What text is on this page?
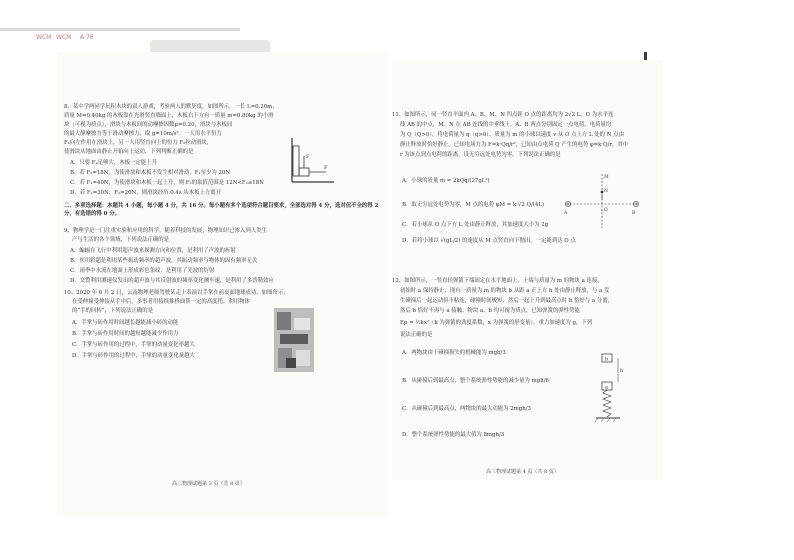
WCM WCM A·76
8、某中学两同学玩积木块的双人游戏，考验两人的默契度。如图所示，一长 L=0.20m、
质量 M=0.40kg 的木板靠在光滑竖直墙面上，木板右下方有一质量 m=0.80kg 的小滑
块（可视为质点），滑块与木板间的动摩擦因数μ=0.20，滑块与木板间
的最大静摩擦力等于滑动摩擦力，取 g=10m/s²。一人用水平恒力
F₁向左作用在滑块上，另一人用竖直向上的恒力 F₂拉动滑块，
使滑块从地面由静止开始向上运动，下列判断正确的是
A．只要 F₂足够大，木板一定能上升
B．若 F₂=18N，为使滑块和木板不发生相对滑动，F₁至少为 20N
C．若 F₁=40N，为使滑块和木板一起上升，则 F₂的取值范围是 12N<F₂≤18N
D．若 F₁=30N，F₂=20N，则滑块经历 0.4s 从木板上方离开
F
F
二、多项选择题：本题共 4 小题，每小题 4 分，共 16 分。每小题有多个选项符合题目要求，全部选对得 4 分，选对但不全的得 2 分，有选错的得 0 分。
9、物理学是一门注重实验和应用的科学，随着科技的发展，物理知识已渗入到人类生
产与生活的各个领域，下列说法正确的是
A．蝙蝠在飞行中利用超声波来探测方向和位置，是利用了声波的折射
B．医用彩超是利用某些振动频率的超声波，其振动频率与物体的固有频率无关
C．雨季中水流在地面上形成彩色条纹，是利用了光波的衍射
D．交警利用测速仪发出的超声波与其反射波的频率变化测车速，是利用了多普勒效应
10、2020 年 6 月 2 日，云南物理老师驾驶某走上表演以手掌在前桌面地球成功。如图所示，
在受伸撞受伸接从手中后，多事者用接续推桥面帮一定的高度托，利用物体
的“手的回转”，下列说法正确的是
A．手掌与砖作用时间越长越能减小砖的动能
B．手掌与砖作用时间的越短越能减少作用力
C．手掌与砖作用的过程中，手掌的动量变化率越大
D．手掌与砖作用的过程中，手掌的动量变化量越大
高三物理试题第 3 页（共 8 页）
11、如图所示，同一竖直平面内 A、B、M、N 四点距 O 点的距离均为 2√2 L，O 为水平连
线 AB 的中点，M、N 在 AB 连线的中垂线上。A、B 两点分别固定一点电荷，电荷量均
为 Q（Q>0），将电荷量为 q（q>0）、质量为 m 的小球以速度 v 从 O 点上方 L 处的 N 点由
静止释放时恰好静止。已知电场力为 F=k·Qq/r²，已知由点电荷 Q 产生的电势 φ=k·Q/r，其中
r 为该点到点电荷的距离，设无穷远处电势为零，下列说法正确的是
A．小球的质量 m = 2kQq/(27gL²)
B．取无穷远处电势为零，M 点的电势 φM = k·√2 Q/(4L)
C．若小球从 O 点下方 L 处由静止释放，其加速度大小为 2g
D．若将小球以 √(gL/2) 的速度从 M 点竖直向下抛出，一定能到达 O 点
M
N
A
O
B
12、如图所示，一竖直轻弹簧下端固定在水平地面上，上端与质量为 m 的物块 a 连接，
初始时 a 保持静止；现有一质量为 m 的物块 b 从距 a 正上方 h 处由静止释放，与 a 发
生碰撞后一起运动但不粘连，碰撞时间极短，然后一起上升到最高点时 b 恰好与 a 分离，
然后 b 恰好不再与 a 接触。物块 a、b 均可视为质点，已知弹簧的弹性势能
Ep = ½kx²（k 为弹簧的劲度系数，x 为弹簧的形变量），重力加速度为 g，下列
说法正确的是
A．两物块由于碰撞损失的机械能为 mgh/3
B．从碰撞后到最高点，整个系统弹性势能的减少量为 mgh/6
C．从碰撞后到最高点，两物块的最大动能为 2mgh/3
D．整个系统弹性势能的最大值为 8mgh/3
b
a
h
高三物理试题第 4 页（共 8 页）
